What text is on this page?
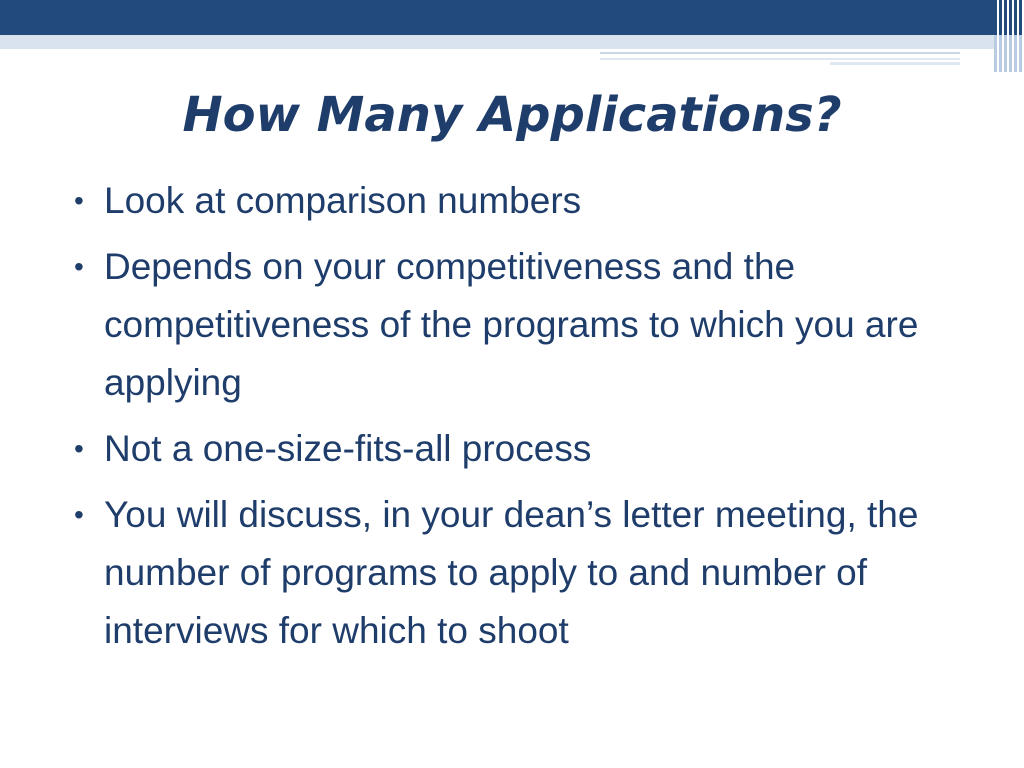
How Many Applications?
• Look at comparison numbers
• Depends on your competitiveness and the competitiveness of the programs to which you are applying
• Not a one-size-fits-all process
• You will discuss, in your dean’s letter meeting, the number of programs to apply to and number of interviews for which to shoot
